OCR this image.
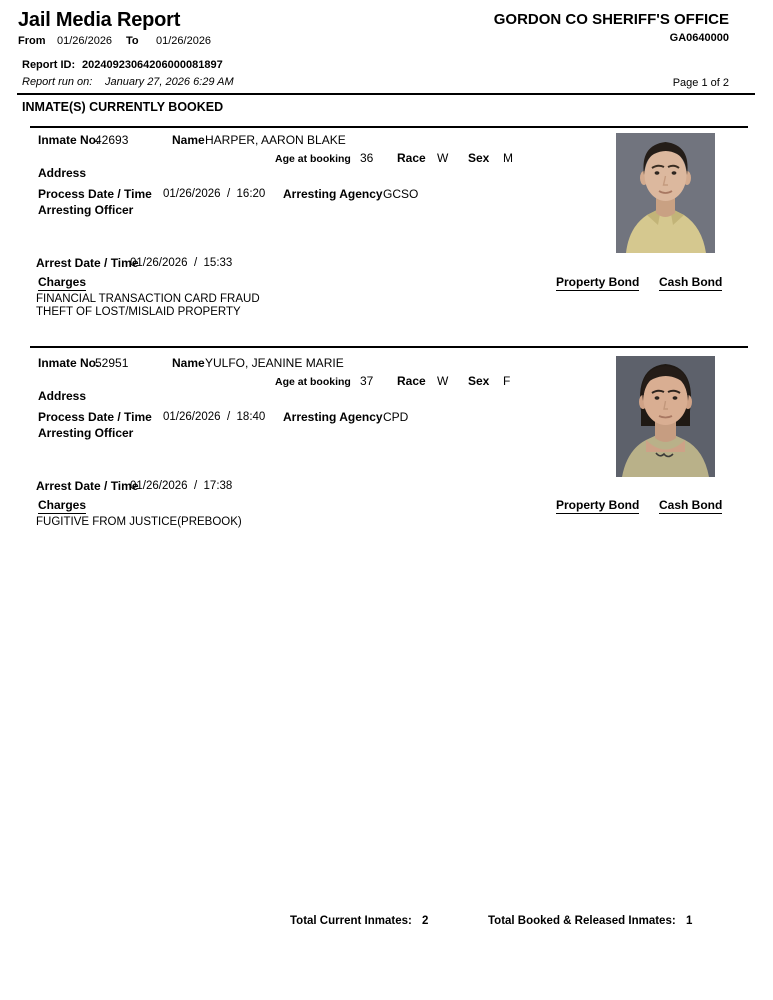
Jail Media Report	GORDON CO SHERIFF'S OFFICE
GA0640000
From 01/26/2026 To 01/26/2026
Report ID: 20240923064206000081897
Report run on: January 27, 2026 6:29 AM	Page 1 of 2
INMATE(S) CURRENTLY BOOKED
Inmate No.
42693	Name HARPER, AARON BLAKE
Age at booking 36 Race W Sex M
Address
Process Date / Time 01/26/2026  /  16:20 Arresting Agency GCSO
Arresting Officer
Arrest Date / Time
01/26/2026  /  15:33
Charges	Property Bond Cash Bond
FINANCIAL TRANSACTION CARD FRAUD
THEFT OF LOST/MISLAID PROPERTY
Inmate No.
52951	Name YULFO, JEANINE MARIE
Age at booking 37 Race W Sex F
Address
Process Date / Time 01/26/2026  /  18:40 Arresting Agency CPD
Arresting Officer
Arrest Date / Time
01/26/2026  /  17:38
Charges	Property Bond Cash Bond
FUGITIVE FROM JUSTICE(PREBOOK)
Total Current Inmates: 2	Total Booked & Released Inmates: 1
